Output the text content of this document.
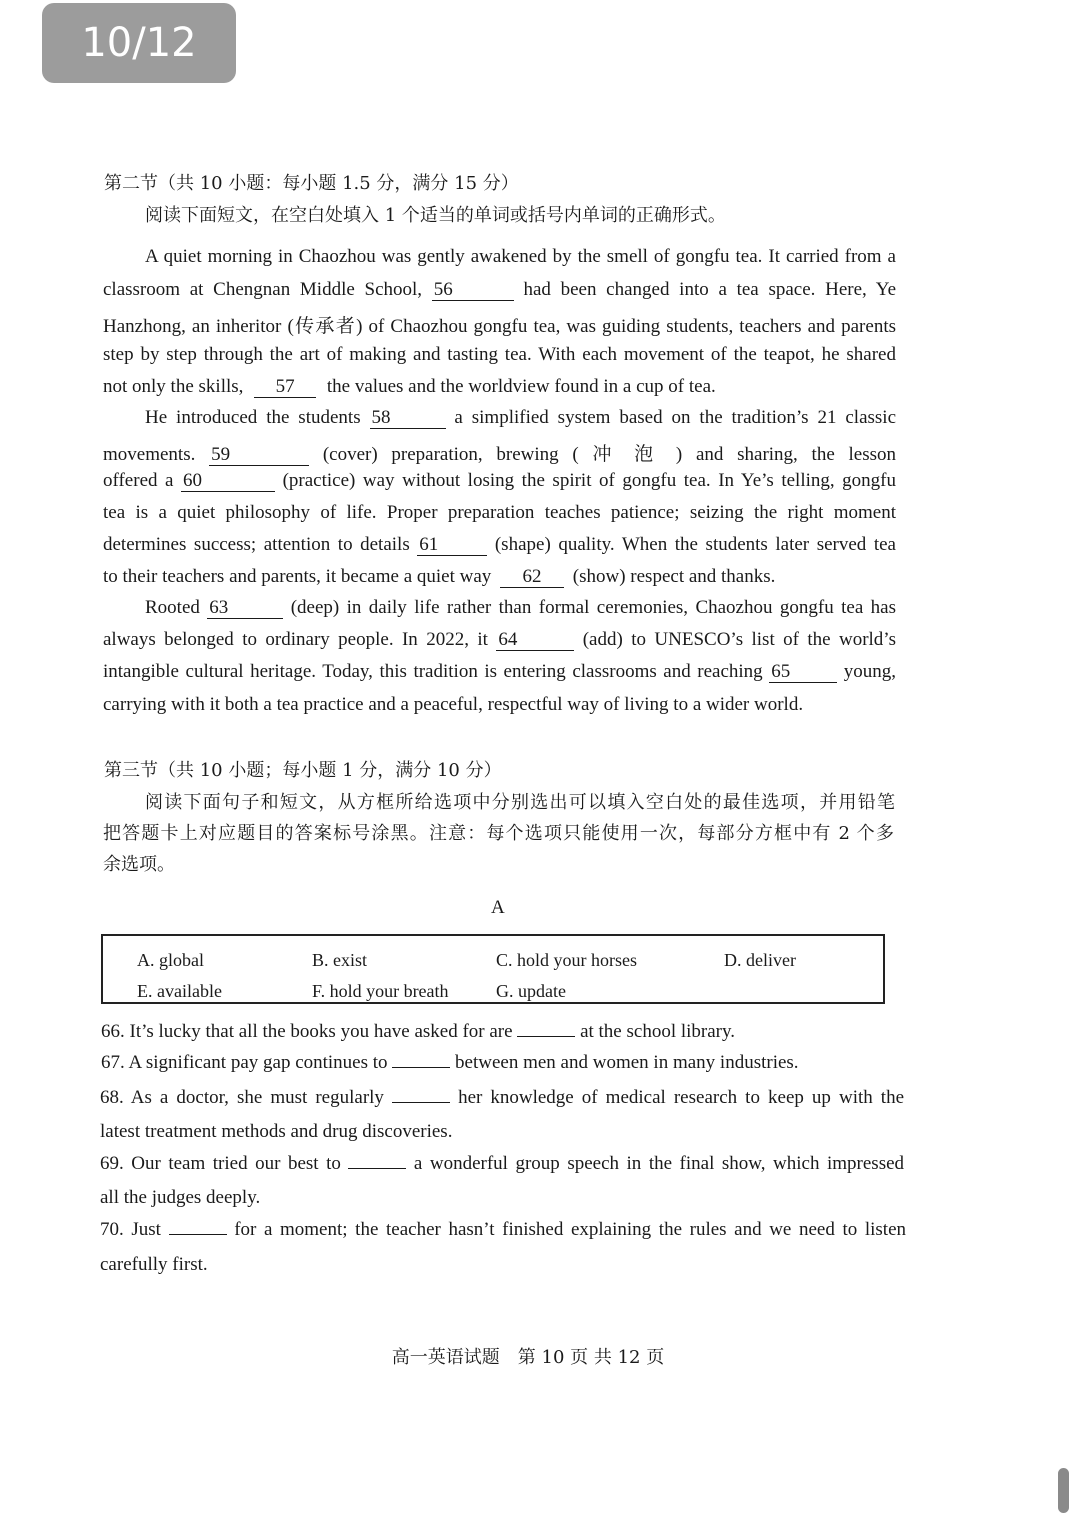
10/12
第二节（共 10 小题：每小题 1.5 分，满分 15 分）
阅读下面短文，在空白处填入 1 个适当的单词或括号内单词的正确形式。
A quiet morning in Chaozhou was gently awakened by the smell of gongfu tea. It carried from a
classroom at Chengnan Middle School, 56	had been changed into a tea space. Here, Ye
Hanzhong, an inheritor (传承者) of Chaozhou gongfu tea, was guiding students, teachers and parents
step by step through the art of making and tasting tea. With each movement of the teapot, he shared
not only the skills, 57 the values and the worldview found in a cup of tea.
He introduced the students 58	a simplified system based on the tradition’s 21 classic
movements. 59	(cover) preparation, brewing ( 冲 泡 ) and sharing, the lesson
offered a 60	(practice) way without losing the spirit of gongfu tea. In Ye’s telling, gongfu
tea is a quiet philosophy of life. Proper preparation teaches patience; seizing the right moment
determines success; attention to details 61	(shape) quality. When the students later served tea
to their teachers and parents, it became a quiet way 62 (show) respect and thanks.
Rooted 63	(deep) in daily life rather than formal ceremonies, Chaozhou gongfu tea has
always belonged to ordinary people. In 2022, it 64	(add) to UNESCO’s list of the world’s
intangible cultural heritage. Today, this tradition is entering classrooms and reaching 65	young,
carrying with it both a tea practice and a peaceful, respectful way of living to a wider world.
第三节（共 10 小题；每小题 1 分，满分 10 分）
阅读下面句子和短文，从方框所给选项中分别选出可以填入空白处的最佳选项，并用铅笔
把答题卡上对应题目的答案标号涂黑。注意：每个选项只能使用一次，每部分方框中有 2 个多
余选项。
A
A. global	B. exist	C. hold your horses	D. deliver
E. available	F. hold your breath	G. update
66. It’s lucky that all the books you have asked for are	at the school library.
67. A significant pay gap continues to	between men and women in many industries.
68. As a doctor, she must regularly	her knowledge of medical research to keep up with the
latest treatment methods and drug discoveries.
69. Our team tried our best to	a wonderful group speech in the final show, which impressed
all the judges deeply.
70. Just	for a moment; the teacher hasn’t finished explaining the rules and we need to listen
carefully first.
高一英语试题　第 10 页 共 12 页
